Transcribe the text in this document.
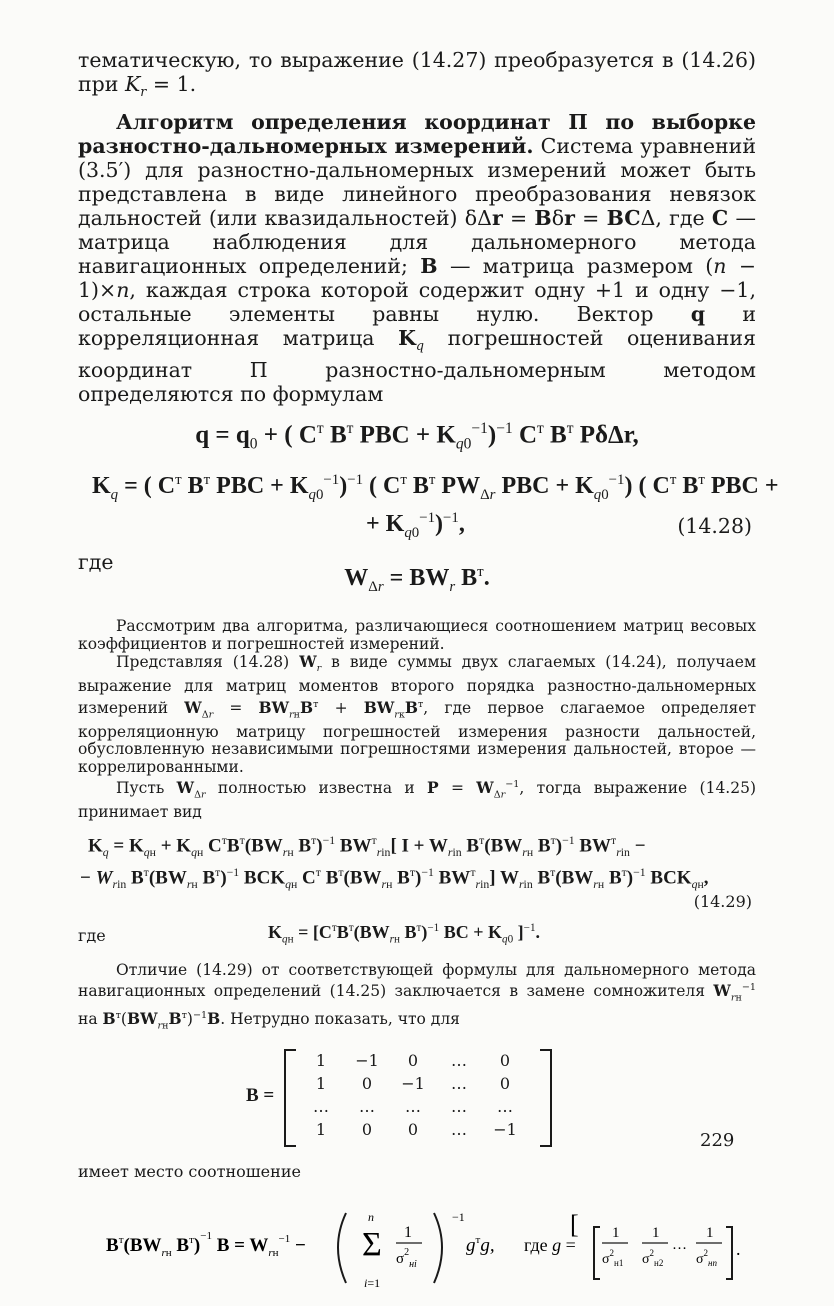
тематическую, то выражение (14.27) преобразуется в (14.26) при $K_r = 1$.

Алгоритм определения координат П по выборке разностно-дальномерных измерений. Система уравнений (3.5′) для разностно-дальномерных измерений может быть представлена в виде линейного преобразования невязок дальностей (или квазидальностей) δΔr = Bδr = BCΔ, где C — матрица наблюдения для дальномерного метода навигационных определений; B — матрица размером (n − 1)×n, каждая строка которой содержит одну +1 и одну −1, остальные элементы равны нулю. Вектор q и корреляционная матрица $K_q$ погрешностей оценивания координат П разностно-дальномерным методом определяются по формулам

$q = q_0$ + ( $C^т$ $B^т$ PBC + $K_{q0}^{-1})^{-1}$ $C^т$ $B^т$ PδΔr,
$K_q$ = ( $C^т$ $B^т$ PBC + $K_{q0}^{-1})^{-1}$ ( $C^т$ $B^т$ $PW_{\Delta r}$ PBC + $K_{q0}^{-1}$) ( $C^т$ $B^т$ PBC +
+ $K_{q0}^{-1})^{-1}$,	(14.28)

где

$W_{\Delta r} = BW_r$ $B^т$.

Рассмотрим два алгоритма, различающиеся соотношением матриц весовых коэффициентов и погрешностей измерений.

Представляя (14.28) $W_r$ в виде суммы двух слагаемых (14.24), получаем выражение для матриц моментов второго порядка разностно-дальномерных измерений $W_{\Delta r} = BW_{rн}B^т + BW_{rк}B^т$, где первое слагаемое определяет корреляционную матрицу погрешностей измерения разности дальностей, обусловленную независимыми погрешностями измерения дальностей, второе — коррелированными.

Пусть $W_{\Delta r}$ полностью известна и $P = W_{\Delta r}^{-1}$, тогда выражение (14.25) принимает вид

$K_q = K_{qн} + K_{qн}$ $C^тB^т(BW_{rн}$ $B^т)^{-1}$ $BW^т_{rin}$[ $I + W_{rin}$ $B^т(BW_{rн}$ $B^т)^{-1}$ $BW^т_{rin}$ −
− $W_{rin}$ $B^т(BW_{rн}$ $B^т)^{-1}$ $BCK_{qн}$ $C^т$ $B^т(BW_{rн}$ $B^т)^{-1}$ $BW^т_{rin}$] $W_{rin}$ $B^т(BW_{rн}$ $B^т)^{-1}$ $BCK_{qн}$,
(14.29)
где	$K_{qн} = [C^тB^т(BW_{rн}$ $B^т)^{-1}$ BC + $K_{q0}$ ]$^{-1}$.

Отличие (14.29) от соответствующей формулы для дальномерного метода навигационных определений (14.25) заключается в замене сомножителя $W_{rн}^{-1}$ на $B^т(BW_{rн}B^т)^{-1}B$. Нетрудно показать, что для

B =
1	−1	0	…	0
1	0	−1	…	0
…	…	…	…	…
1	0	0	…	−1

имеет место соотношение

$B^т(BW_rн$ $B^т)^{-1}$ $B = W_rн^{-1} - \Sigma$
n
i=1
1
$\sigma^2_{нi}$
−1
$g^тg$, где g =
[ 1
$\sigma^2_{н1}$
1
$\sigma^2_{н2}$
…
1
$\sigma^2_{нn}$
.
229
